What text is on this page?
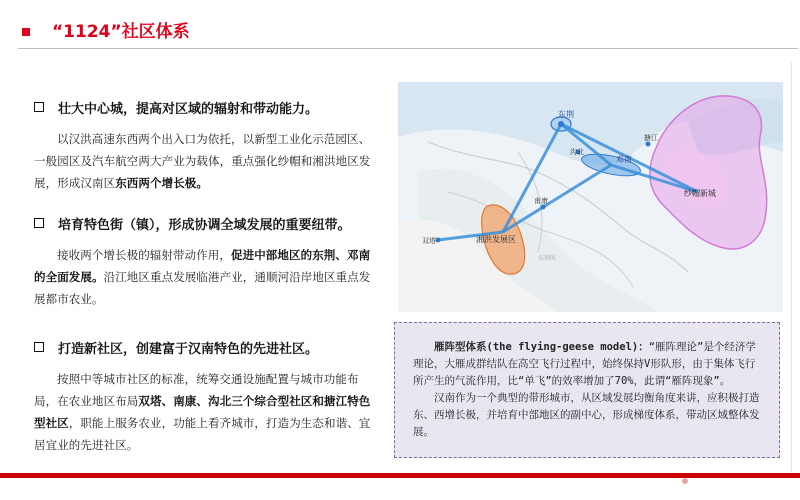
“1124”社区体系
壮大中心城，提高对区域的辐射和带动能力。
以汉洪高速东西两个出入口为依托，以新型工业化示范园区、一般园区及汽车航空两大产业为载体，重点强化纱帽和湘洪地区发展，形成汉南区东西两个增长极。
培育特色街（镇），形成协调全域发展的重要纽带。
接收两个增长极的辐射带动作用，促进中部地区的东荆、邓南的全面发展。沿江地区重点发展临港产业，通顺河沿岸地区重点发展都市农业。
打造新社区，创建富于汉南特色的先进社区。
按照中等城市社区的标准，统筹交通设施配置与城市功能布局，在农业地区布局双塔、南康、沟北三个综合型社区和搪江特色型社区，职能上服务农业，功能上看齐城市，打造为生态和谐、宜居宜业的先进社区。
东荆
邓南
纱帽新城
湘洪发展区
双塔
南康
沟北
搪江
东荆河

雁阵型体系(the flying-geese model)：“雁阵理论”是个经济学理论，大雁成群结队在高空飞行过程中，始终保持V形队形，由于集体飞行所产生的气流作用，比“单飞”的效率增加了70%，此谓“雁阵现象”。

汉南作为一个典型的带形城市，从区域发展均衡角度来讲，应积极打造东、西增长极，并培育中部地区的副中心，形成梯度体系，带动区域整体发展。
